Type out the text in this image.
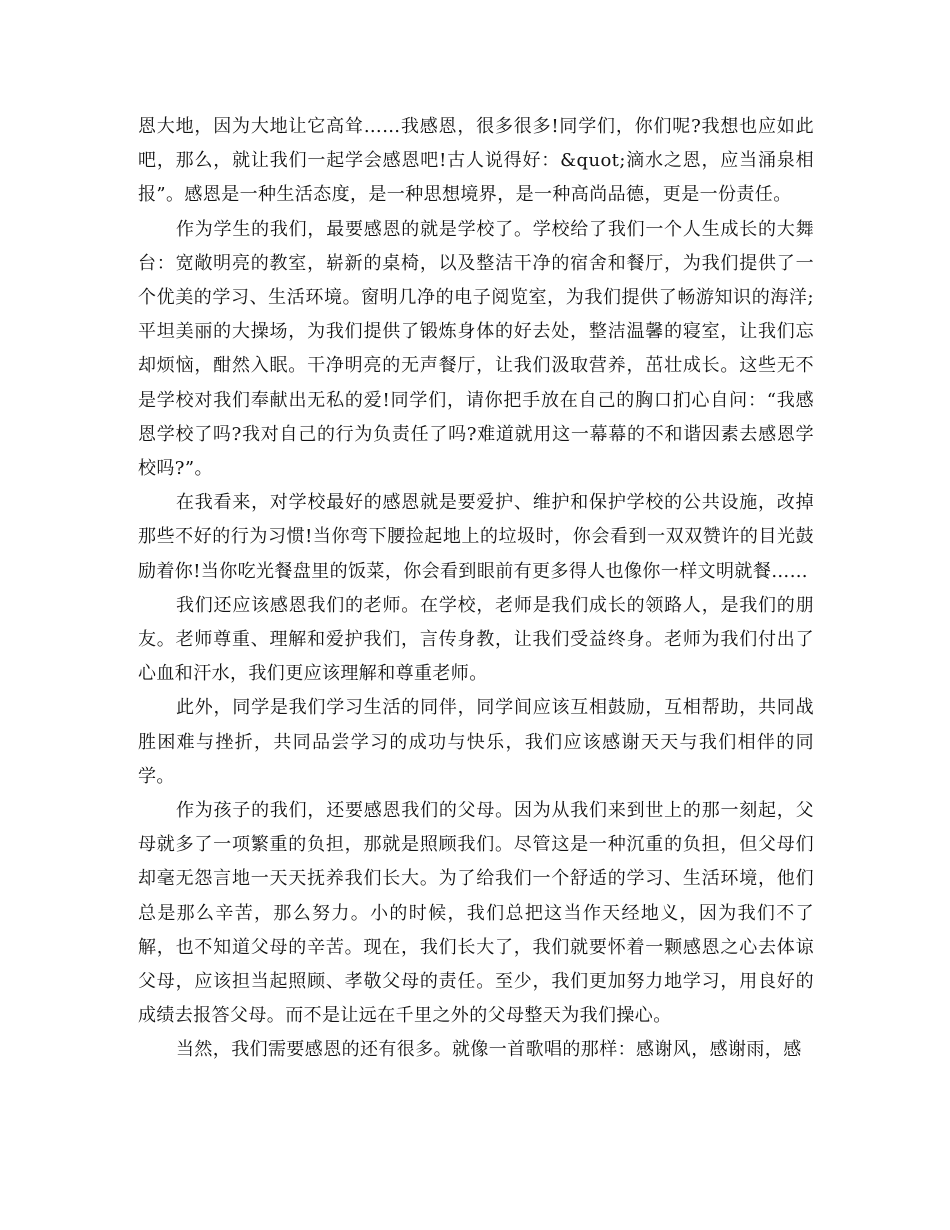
恩大地，因为大地让它高耸……我感恩，很多很多!同学们，你们呢?我想也应如此吧，那么，就让我们一起学会感恩吧!古人说得好：&quot;滴水之恩，应当涌泉相报”。感恩是一种生活态度，是一种思想境界，是一种高尚品德，更是一份责任。

作为学生的我们，最要感恩的就是学校了。学校给了我们一个人生成长的大舞台：宽敞明亮的教室，崭新的桌椅，以及整洁干净的宿舍和餐厅，为我们提供了一个优美的学习、生活环境。窗明几净的电子阅览室，为我们提供了畅游知识的海洋;平坦美丽的大操场，为我们提供了锻炼身体的好去处，整洁温馨的寝室，让我们忘却烦恼，酣然入眠。干净明亮的无声餐厅，让我们汲取营养，茁壮成长。这些无不是学校对我们奉献出无私的爱!同学们，请你把手放在自己的胸口扪心自问：“我感恩学校了吗?我对自己的行为负责任了吗?难道就用这一幕幕的不和谐因素去感恩学校吗?”。

在我看来，对学校最好的感恩就是要爱护、维护和保护学校的公共设施，改掉那些不好的行为习惯!当你弯下腰捡起地上的垃圾时，你会看到一双双赞许的目光鼓励着你!当你吃光餐盘里的饭菜，你会看到眼前有更多得人也像你一样文明就餐……

我们还应该感恩我们的老师。在学校，老师是我们成长的领路人，是我们的朋友。老师尊重、理解和爱护我们，言传身教，让我们受益终身。老师为我们付出了心血和汗水，我们更应该理解和尊重老师。

此外，同学是我们学习生活的同伴，同学间应该互相鼓励，互相帮助，共同战胜困难与挫折，共同品尝学习的成功与快乐，我们应该感谢天天与我们相伴的同学。

作为孩子的我们，还要感恩我们的父母。因为从我们来到世上的那一刻起，父母就多了一项繁重的负担，那就是照顾我们。尽管这是一种沉重的负担，但父母们却毫无怨言地一天天抚养我们长大。为了给我们一个舒适的学习、生活环境，他们总是那么辛苦，那么努力。小的时候，我们总把这当作天经地义，因为我们不了解，也不知道父母的辛苦。现在，我们长大了，我们就要怀着一颗感恩之心去体谅父母，应该担当起照顾、孝敬父母的责任。至少，我们更加努力地学习，用良好的成绩去报答父母。而不是让远在千里之外的父母整天为我们操心。

当然，我们需要感恩的还有很多。就像一首歌唱的那样：感谢风，感谢雨，感
